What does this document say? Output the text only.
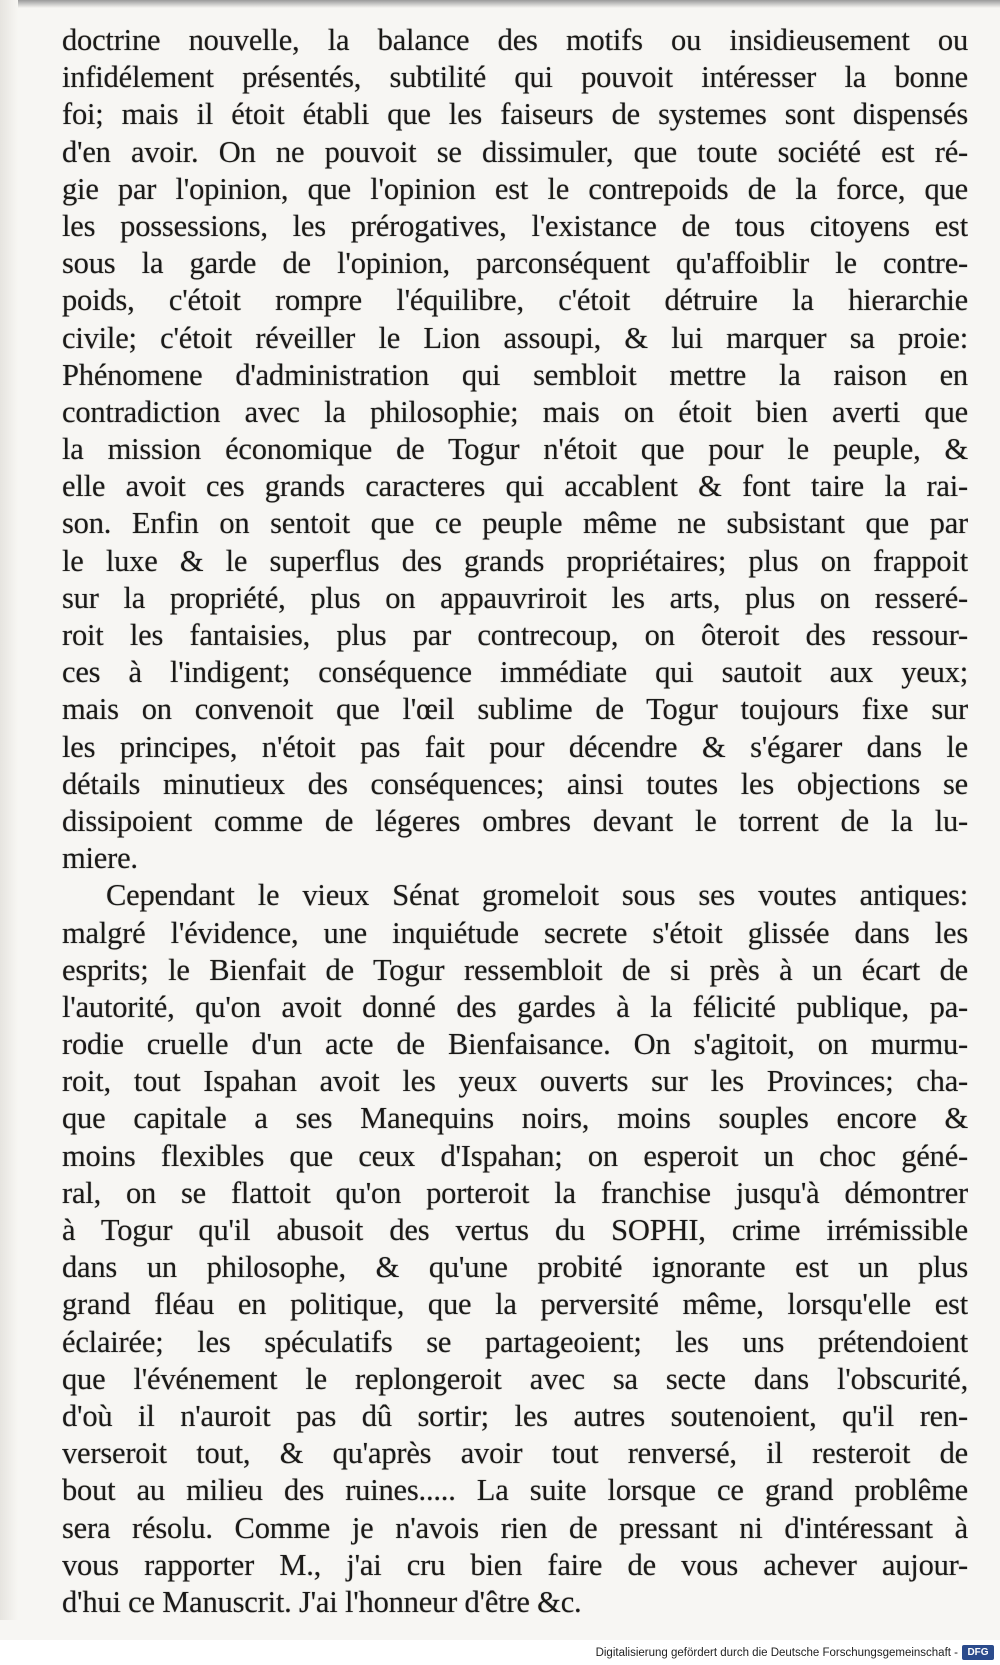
doctrine nouvelle, la balance des motifs ou insidieusement ou
infidélement présentés, subtilité qui pouvoit intéresser la bonne
foi; mais il étoit établi que les faiseurs de systemes sont dispensés
d'en avoir. On ne pouvoit se dissimuler, que toute société est ré-
gie par l'opinion, que l'opinion est le contrepoids de la force, que
les possessions, les prérogatives, l'existance de tous citoyens est
sous la garde de l'opinion, parconséquent qu'affoiblir le contre-
poids, c'étoit rompre l'équilibre, c'étoit détruire la hierarchie
civile; c'étoit réveiller le Lion assoupi, & lui marquer sa proie:
Phénomene d'administration qui sembloit mettre la raison en
contradiction avec la philosophie; mais on étoit bien averti que
la mission économique de Togur n'étoit que pour le peuple, &
elle avoit ces grands caracteres qui accablent & font taire la rai-
son. Enfin on sentoit que ce peuple même ne subsistant que par
le luxe & le superflus des grands propriétaires; plus on frappoit
sur la propriété, plus on appauvriroit les arts, plus on resseré-
roit les fantaisies, plus par contrecoup, on ôteroit des ressour-
ces à l'indigent; conséquence immédiate qui sautoit aux yeux;
mais on convenoit que l'œil sublime de Togur toujours fixe sur
les principes, n'étoit pas fait pour décendre & s'égarer dans le
détails minutieux des conséquences; ainsi toutes les objections se
dissipoient comme de légeres ombres devant le torrent de la lu-
miere.
Cependant le vieux Sénat gromeloit sous ses voutes antiques:
malgré l'évidence, une inquiétude secrete s'étoit glissée dans les
esprits; le Bienfait de Togur ressembloit de si près à un écart de
l'autorité, qu'on avoit donné des gardes à la félicité publique, pa-
rodie cruelle d'un acte de Bienfaisance. On s'agitoit, on murmu-
roit, tout Ispahan avoit les yeux ouverts sur les Provinces; cha-
que capitale a ses Manequins noirs, moins souples encore &
moins flexibles que ceux d'Ispahan; on esperoit un choc géné-
ral, on se flattoit qu'on porteroit la franchise jusqu'à démontrer
à Togur qu'il abusoit des vertus du SOPHI, crime irrémissible
dans un philosophe, & qu'une probité ignorante est un plus
grand fléau en politique, que la perversité même, lorsqu'elle est
éclairée; les spéculatifs se partageoient; les uns prétendoient
que l'événement le replongeroit avec sa secte dans l'obscurité,
d'où il n'auroit pas dû sortir; les autres soutenoient, qu'il ren-
verseroit tout, & qu'après avoir tout renversé, il resteroit de
bout au milieu des ruines..... La suite lorsque ce grand problême
sera résolu. Comme je n'avois rien de pressant ni d'intéressant à
vous rapporter M., j'ai cru bien faire de vous achever aujour-
d'hui ce Manuscrit. J'ai l'honneur d'être &c.
Digitalisierung gefördert durch die Deutsche Forschungsgemeinschaft - DFG
